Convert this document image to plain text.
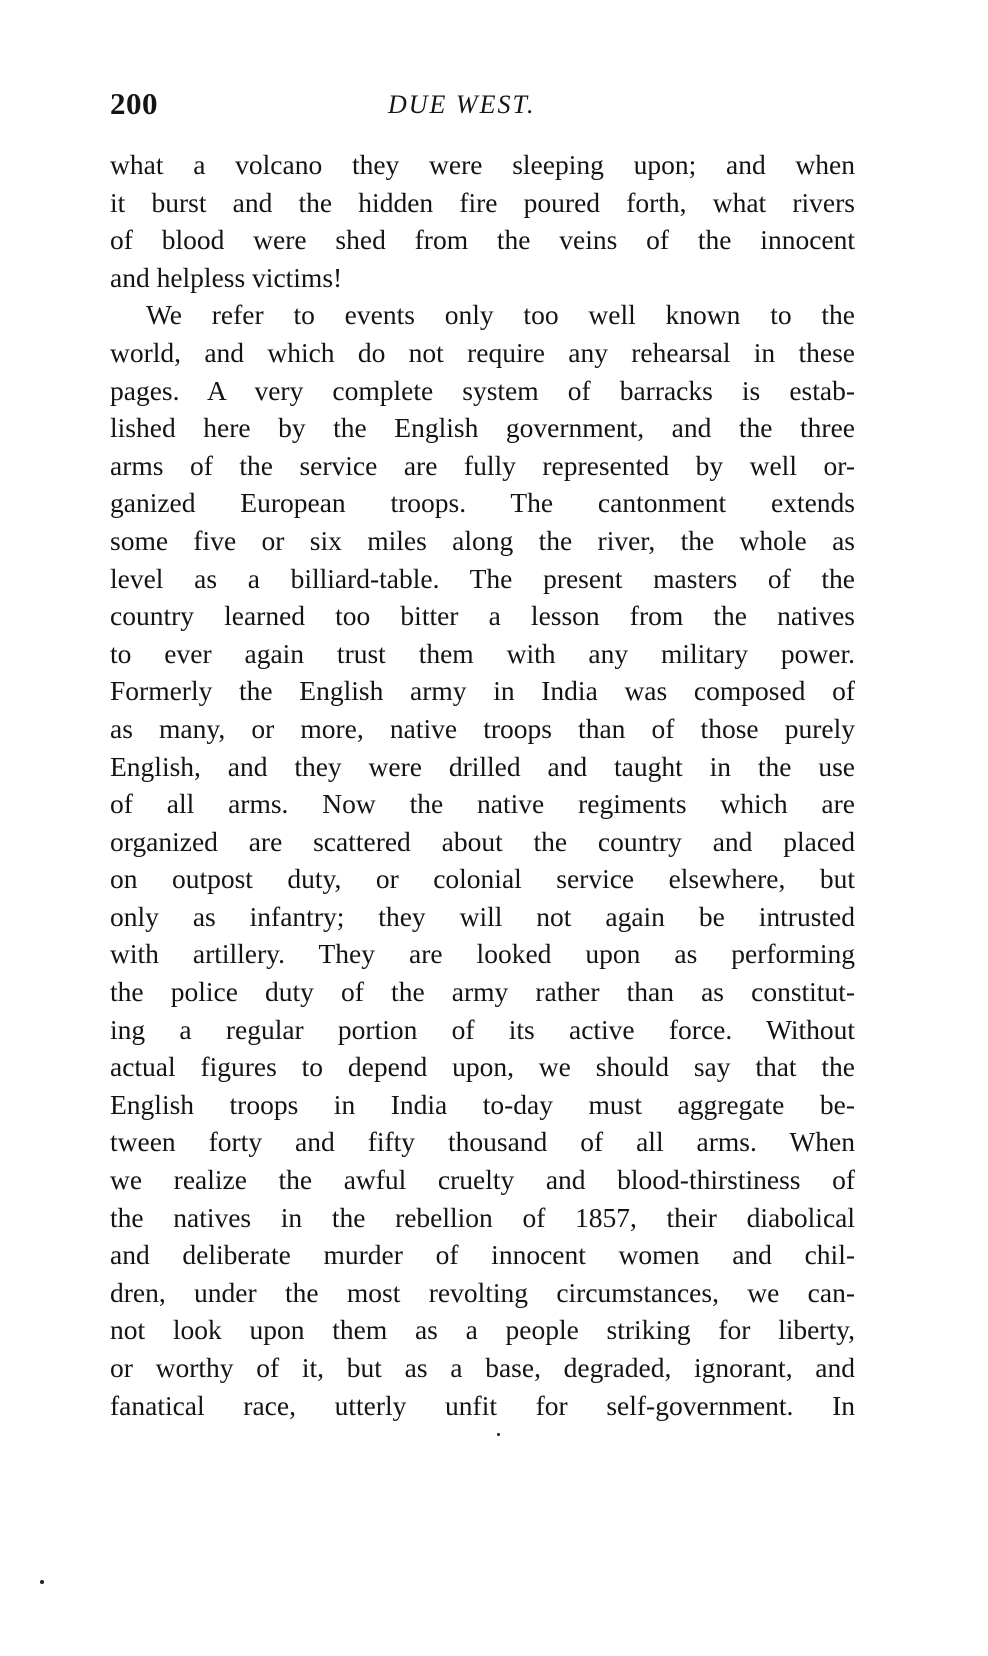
200	DUE WEST.
what a volcano they were sleeping upon; and when
it burst and the hidden fire poured forth, what rivers
of blood were shed from the veins of the innocent
and helpless victims!
We refer to events only too well known to the
world, and which do not require any rehearsal in these
pages. A very complete system of barracks is estab-
lished here by the English government, and the three
arms of the service are fully represented by well or-
ganized European troops. The cantonment extends
some five or six miles along the river, the whole as
level as a billiard-table. The present masters of the
country learned too bitter a lesson from the natives
to ever again trust them with any military power.
Formerly the English army in India was composed of
as many, or more, native troops than of those purely
English, and they were drilled and taught in the use
of all arms. Now the native regiments which are
organized are scattered about the country and placed
on outpost duty, or colonial service elsewhere, but
only as infantry; they will not again be intrusted
with artillery. They are looked upon as performing
the police duty of the army rather than as constitut-
ing a regular portion of its active force. Without
actual figures to depend upon, we should say that the
English troops in India to-day must aggregate be-
tween forty and fifty thousand of all arms. When
we realize the awful cruelty and blood-thirstiness of
the natives in the rebellion of 1857, their diabolical
and deliberate murder of innocent women and chil-
dren, under the most revolting circumstances, we can-
not look upon them as a people striking for liberty,
or worthy of it, but as a base, degraded, ignorant, and
fanatical race, utterly unfit for self-government. In
